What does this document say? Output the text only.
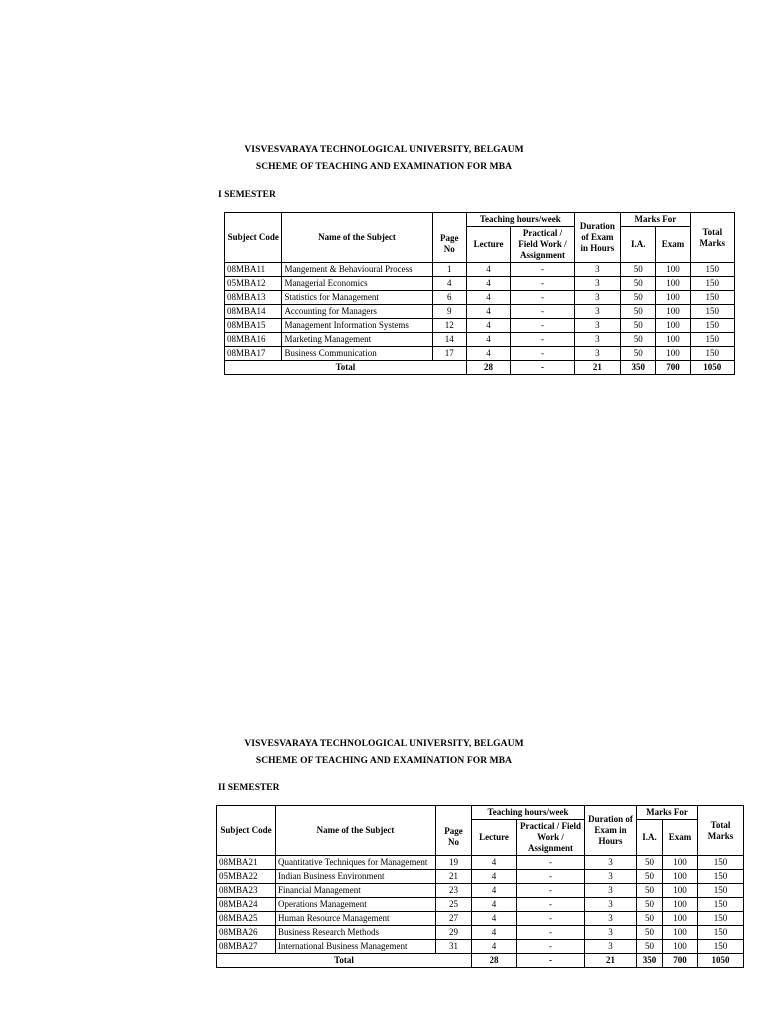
VISVESVARAYA TECHNOLOGICAL UNIVERSITY, BELGAUM
SCHEME OF TEACHING AND EXAMINATION FOR MBA
I SEMESTER
Subject Code	Name of the Subject		Teaching hours/week		Duration of Exam in Hours	Marks For		Total Marks
		Page No	Lecture	Practical / Field Work / Assignment		I.A.	Exam	
08MBA11	Mangement & Behavioural Process	1	4	-	3	50	100	150
05MBA12	Managerial Economics	4	4	-	3	50	100	150
08MBA13	Statistics for Management	6	4	-	3	50	100	150
08MBA14	Accounting for Managers	9	4	-	3	50	100	150
08MBA15	Management Information Systems	12	4	-	3	50	100	150
08MBA16	Marketing Management	14	4	-	3	50	100	150
08MBA17	Business Communication	17	4	-	3	50	100	150
Total			28	-	21	350	700	1050
VISVESVARAYA TECHNOLOGICAL UNIVERSITY, BELGAUM
SCHEME OF TEACHING AND EXAMINATION FOR MBA
II SEMESTER
Subject Code	Name of the Subject		Teaching hours/week		Duration of Exam in Hours	Marks For		Total Marks
		Page No	Lecture	Practical / Field Work / Assignment		I.A.	Exam	
08MBA21	Quantitative Techniques for Management	19	4	-	3	50	100	150
05MBA22	Indian Business Environment	21	4	-	3	50	100	150
08MBA23	Financial Management	23	4	-	3	50	100	150
08MBA24	Operations Management	25	4	-	3	50	100	150
08MBA25	Human Resource Management	27	4	-	3	50	100	150
08MBA26	Business Research Methods	29	4	-	3	50	100	150
08MBA27	International Business Management	31	4	-	3	50	100	150
Total			28	-	21	350	700	1050
